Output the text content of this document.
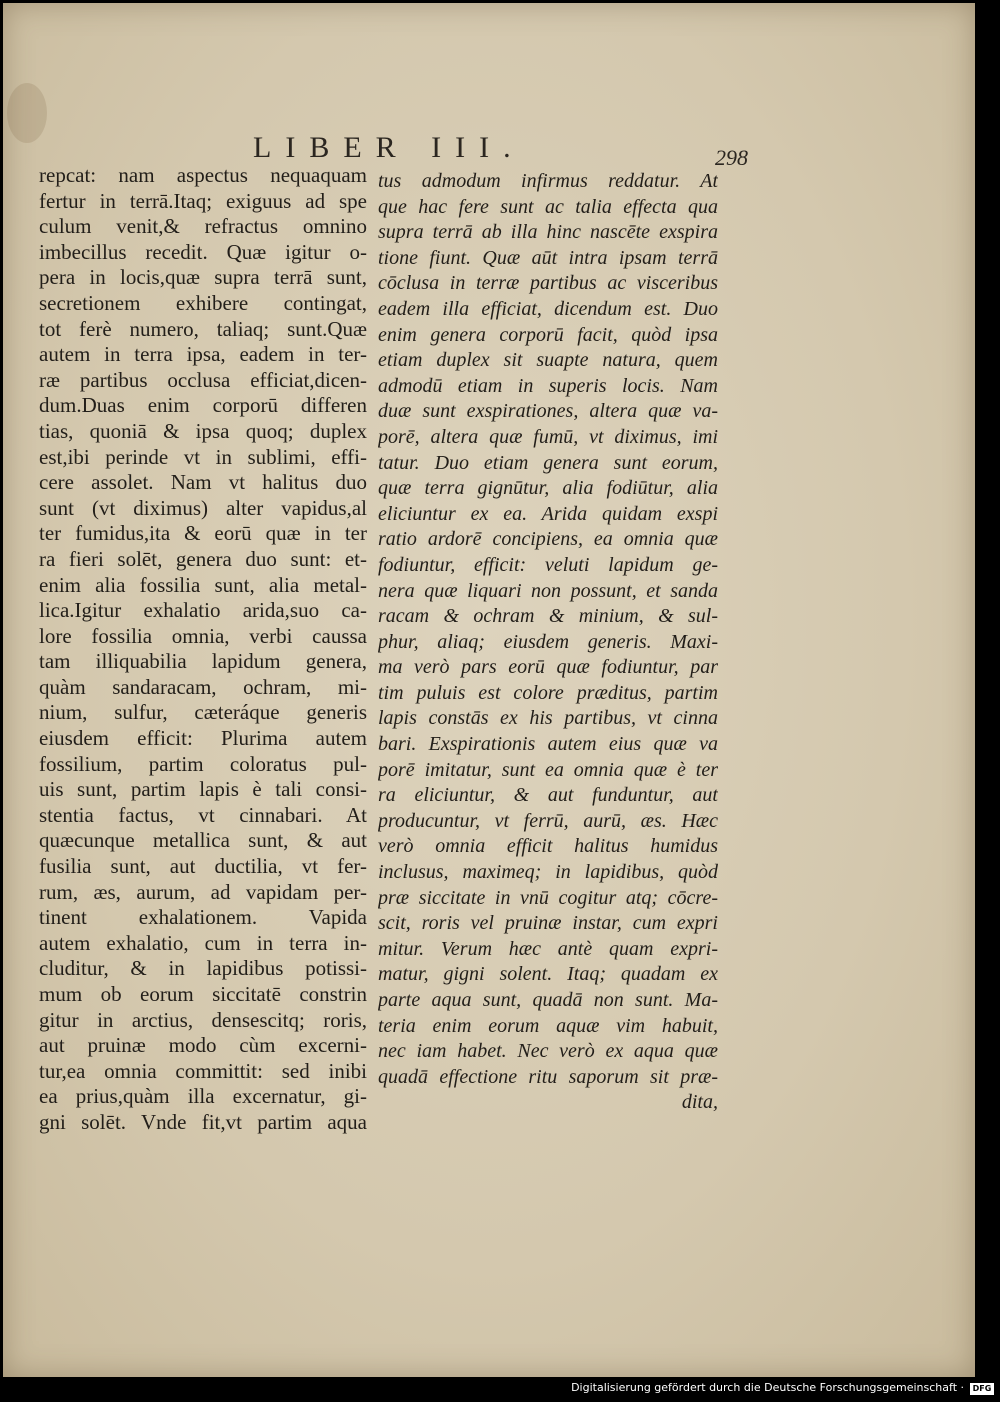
LIBER III.	298
repcat: nam aspectus nequaquam
fertur in terrā.Itaq; exiguus ad spe
culum venit,& refractus omnino
imbecillus recedit. Quæ igitur o-
pera in locis,quæ supra terrā sunt,
secretionem exhibere contingat,
tot ferè numero, taliaq; sunt.Quæ
autem in terra ipsa, eadem in ter-
ræ partibus occlusa efficiat,dicen-
dum.Duas enim corporū differen
tias, quoniā & ipsa quoq; duplex
est,ibi perinde vt in sublimi, effi-
cere assolet. Nam vt halitus duo
sunt (vt diximus) alter vapidus,al
ter fumidus,ita & eorū quæ in ter
ra fieri solēt, genera duo sunt: et-
enim alia fossilia sunt, alia metal-
lica.Igitur exhalatio arida,suo ca-
lore fossilia omnia, verbi caussa
tam illiquabilia lapidum genera,
quàm sandaracam, ochram, mi-
nium, sulfur, cæteráque generis
eiusdem efficit: Plurima autem
fossilium, partim coloratus pul-
uis sunt, partim lapis è tali consi-
stentia factus, vt cinnabari. At
quæcunque metallica sunt, & aut
fusilia sunt, aut ductilia, vt fer-
rum, æs, aurum, ad vapidam per-
tinent exhalationem. Vapida
autem exhalatio, cum in terra in-
cluditur, & in lapidibus potissi-
mum ob eorum siccitatē constrin
gitur in arctius, densescitq; roris,
aut pruinæ modo cùm excerni-
tur,ea omnia committit: sed inibi
ea prius,quàm illa excernatur, gi-
gni solēt. Vnde fit,vt partim aqua
tus admodum infirmus reddatur. At
que hac fere sunt ac talia effecta qua
supra terrā ab illa hinc nascēte exspira
tione fiunt. Quæ aūt intra ipsam terrā
cōclusa in terræ partibus ac visceribus
eadem illa efficiat, dicendum est. Duo
enim genera corporū facit, quòd ipsa
etiam duplex sit suapte natura, quem
admodū etiam in superis locis. Nam
duæ sunt exspirationes, altera quæ va-
porē, altera quæ fumū, vt diximus, imi
tatur. Duo etiam genera sunt eorum,
quæ terra gignūtur, alia fodiūtur, alia
eliciuntur ex ea. Arida quidam exspi
ratio ardorē concipiens, ea omnia quæ
fodiuntur, efficit: veluti lapidum ge-
nera quæ liquari non possunt, et sanda
racam & ochram & minium, & sul-
phur, aliaq; eiusdem generis. Maxi-
ma verò pars eorū quæ fodiuntur, par
tim puluis est colore præditus, partim
lapis constās ex his partibus, vt cinna
bari. Exspirationis autem eius quæ va
porē imitatur, sunt ea omnia quæ è ter
ra eliciuntur, & aut funduntur, aut
producuntur, vt ferrū, aurū, æs. Hæc
verò omnia efficit halitus humidus
inclusus, maximeq; in lapidibus, quòd
præ siccitate in vnū cogitur atq; cōcre-
scit, roris vel pruinæ instar, cum expri
mitur. Verum hæc antè quam expri-
matur, gigni solent. Itaq; quadam ex
parte aqua sunt, quadā non sunt. Ma-
teria enim eorum aquæ vim habuit,
nec iam habet. Nec verò ex aqua quæ
quadā effectione ritu saporum sit præ-
dita,
Digitalisierung gefördert durch die Deutsche Forschungsgemeinschaft ·	DFG
